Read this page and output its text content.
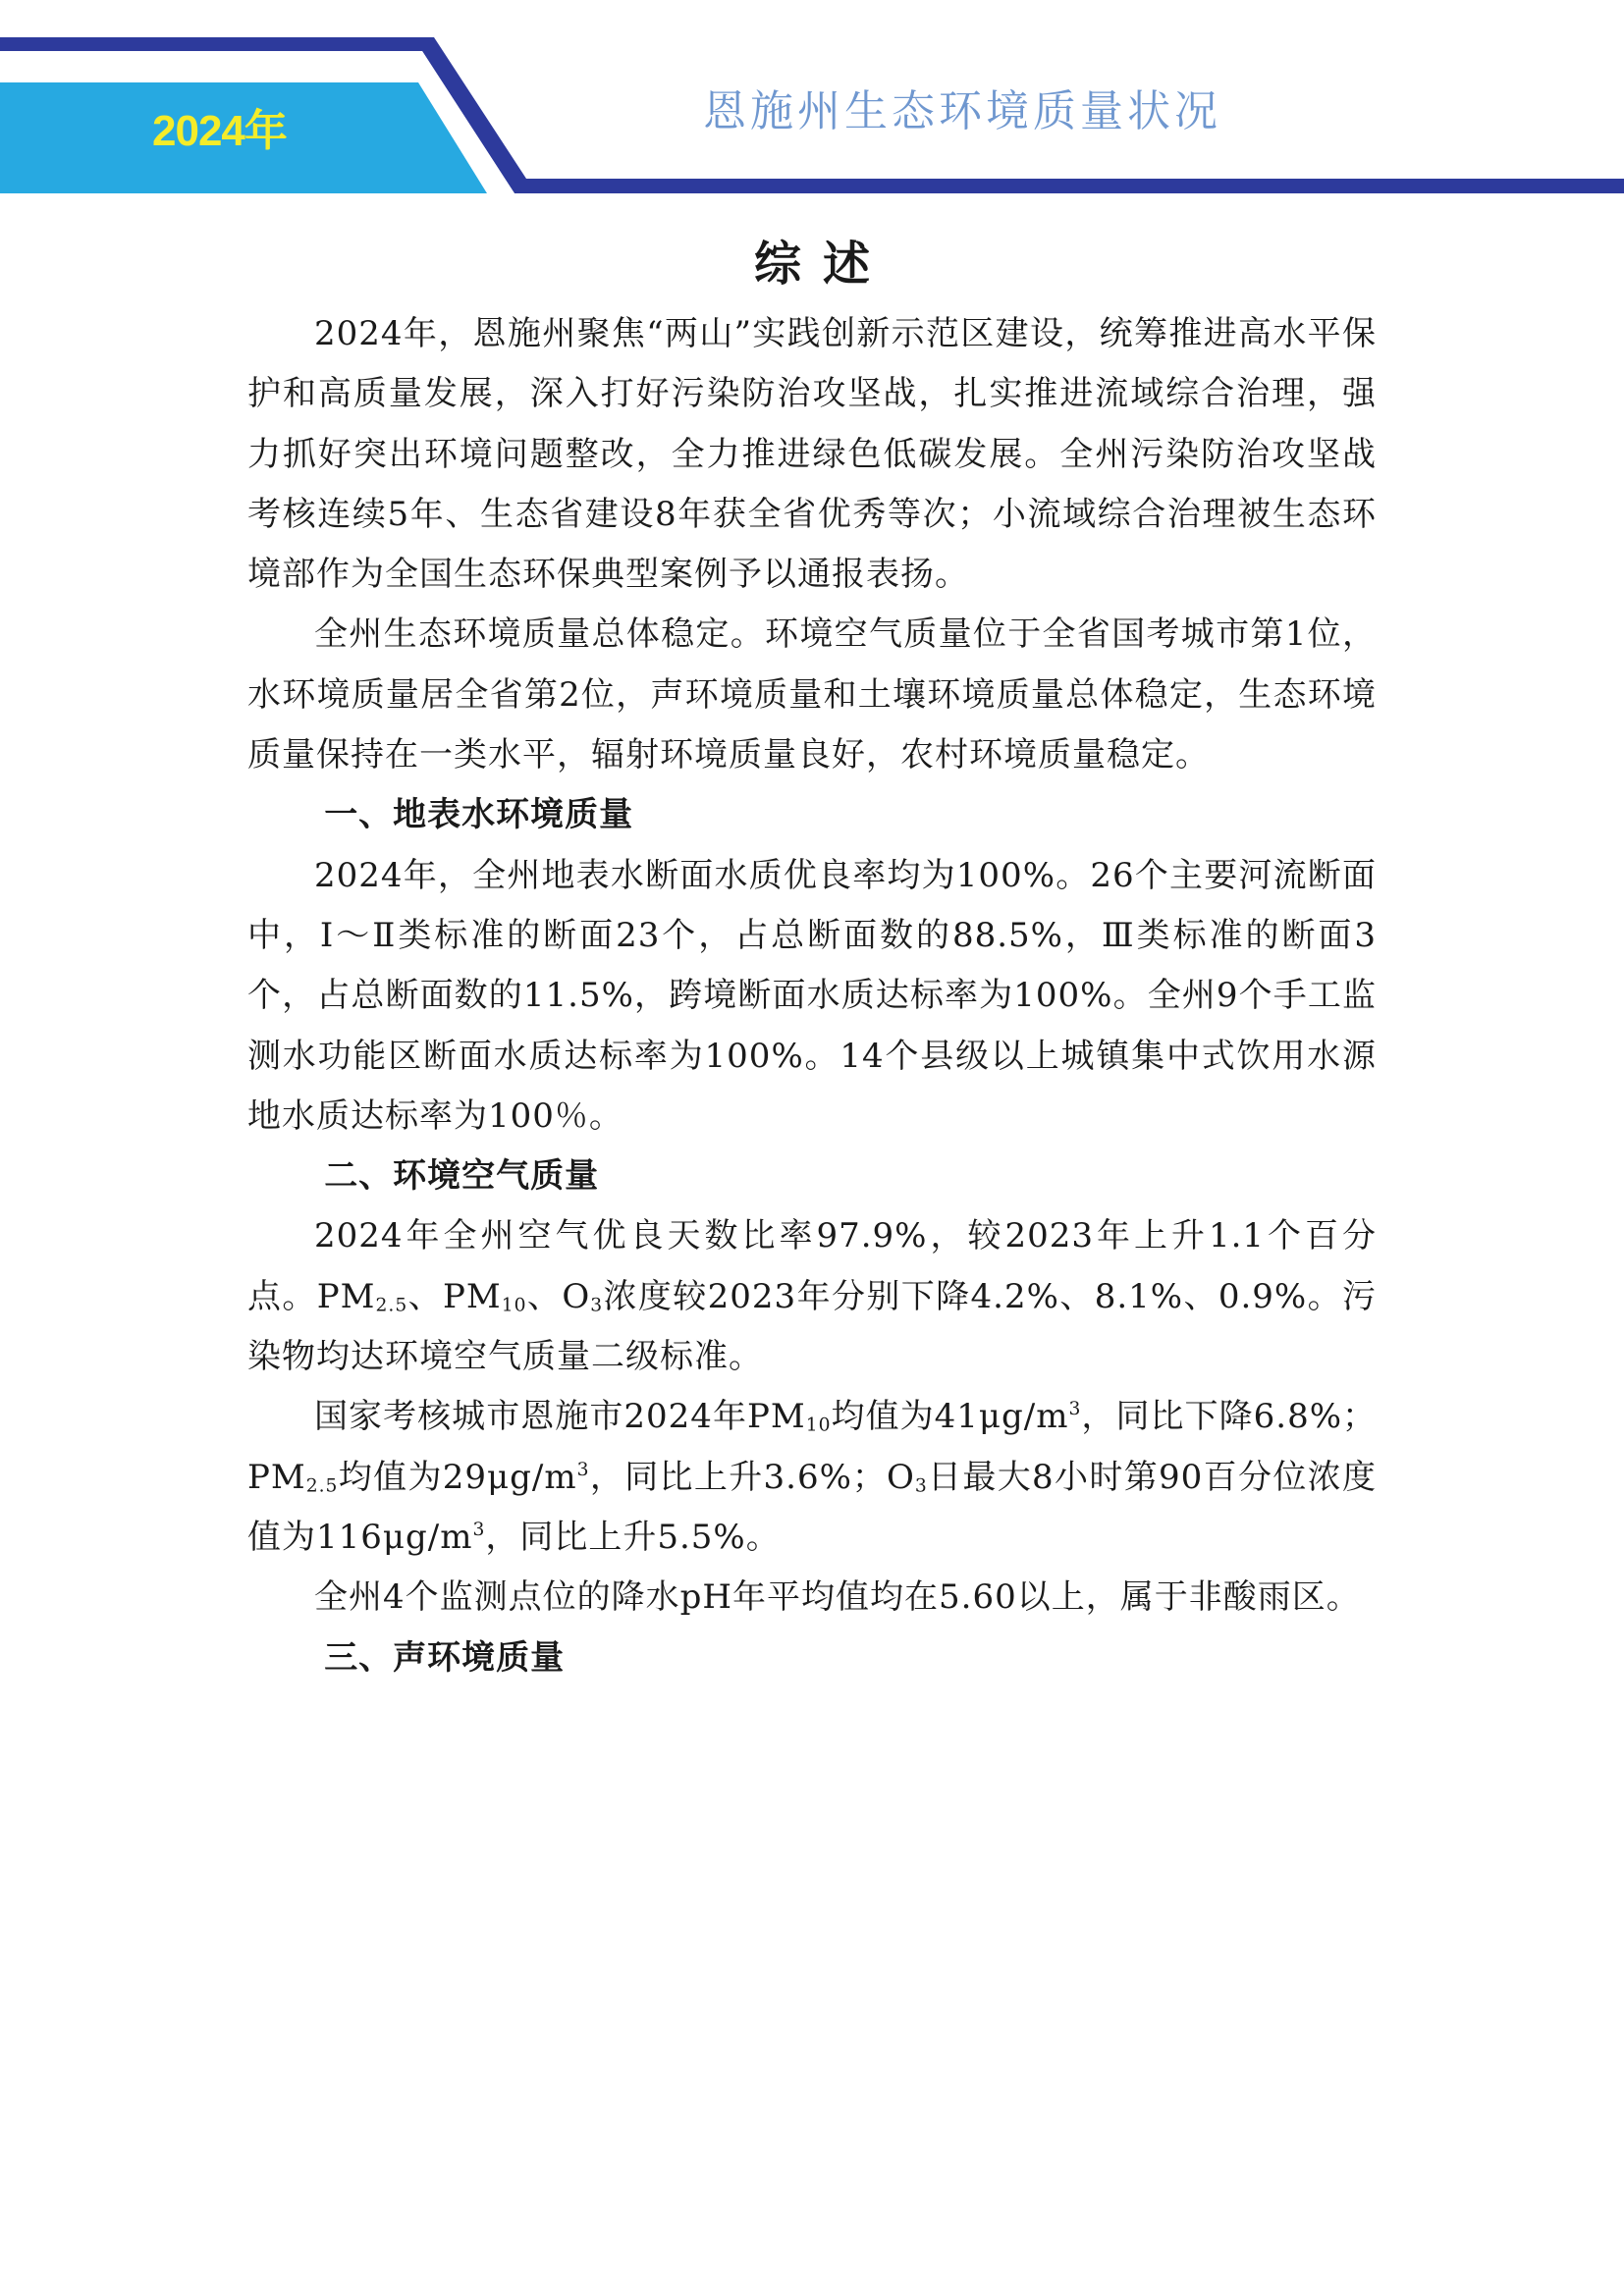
2024年	恩施州生态环境质量状况
综述

2024年，恩施州聚焦“两山”实践创新示范区建设，统筹推进高水平保护和高质量发展，深入打好污染防治攻坚战，扎实推进流域综合治理，强力抓好突出环境问题整改，全力推进绿色低碳发展。全州污染防治攻坚战考核连续5年、生态省建设8年获全省优秀等次；小流域综合治理被生态环境部作为全国生态环保典型案例予以通报表扬。

全州生态环境质量总体稳定。环境空气质量位于全省国考城市第1位，水环境质量居全省第2位，声环境质量和土壤环境质量总体稳定，生态环境质量保持在一类水平，辐射环境质量良好，农村环境质量稳定。

一、地表水环境质量

2024年，全州地表水断面水质优良率均为100%。26个主要河流断面中，Ⅰ～Ⅱ类标准的断面23个，占总断面数的88.5%，Ⅲ类标准的断面3个，占总断面数的11.5%，跨境断面水质达标率为100%。全州9个手工监测水功能区断面水质达标率为100%。14个县级以上城镇集中式饮用水源地水质达标率为100％。

二、环境空气质量

2024年全州空气优良天数比率97.9%，较2023年上升1.1个百分点。$PM_{2.5}$、$PM_{10}$、$O_3$浓度较2023年分别下降4.2%、8.1%、0.9%。污染物均达环境空气质量二级标准。

国家考核城市恩施市2024年$PM_{10}$均值为$41\mu g/m^3$，同比下降6.8%；$PM_{2.5}$均值为$29\mu g/m^3$，同比上升3.6%；$O_3$日最大8小时第90百分位浓度值为$116\mu g/m^3$，同比上升5.5%。

全州4个监测点位的降水pH年平均值均在5.60以上，属于非酸雨区。

三、声环境质量
